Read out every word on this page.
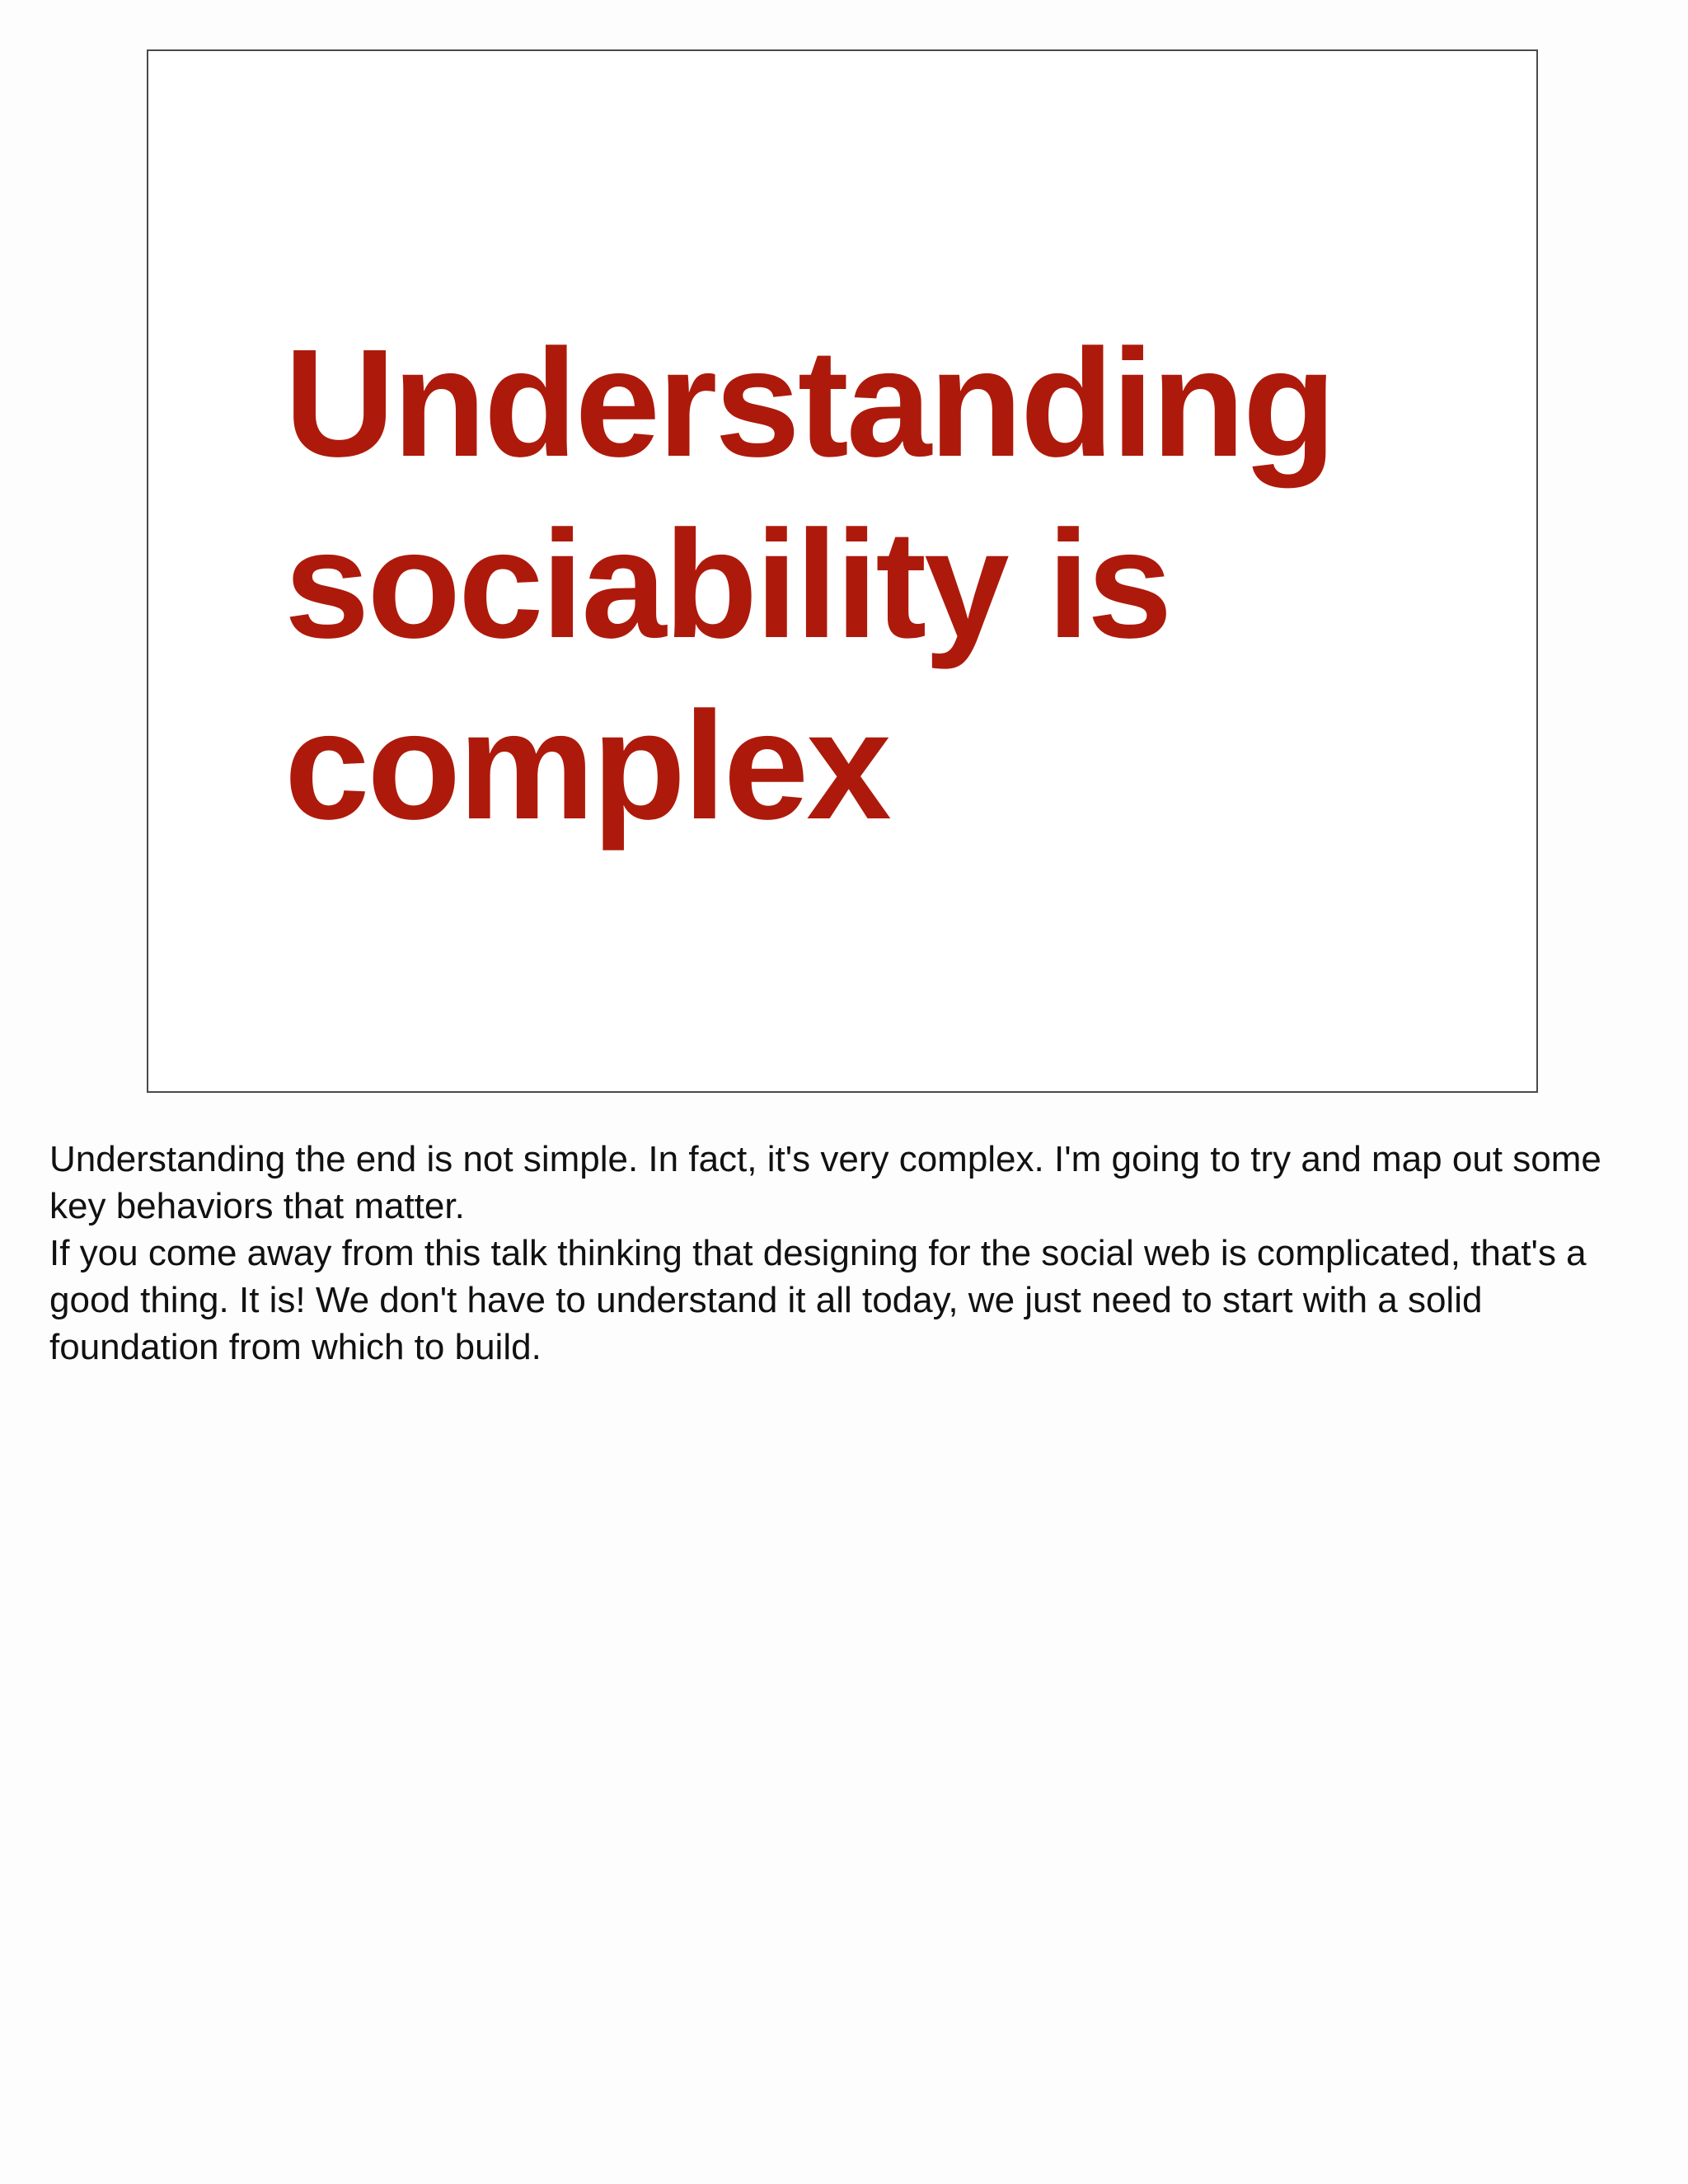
Understanding
sociability is
complex

Understanding the end is not simple. In fact, it's very complex. I'm going to try and map out some key behaviors that matter.

If you come away from this talk thinking that designing for the social web is complicated, that's a good thing. It is! We don't have to understand it all today, we just need to start with a solid foundation from which to build.
